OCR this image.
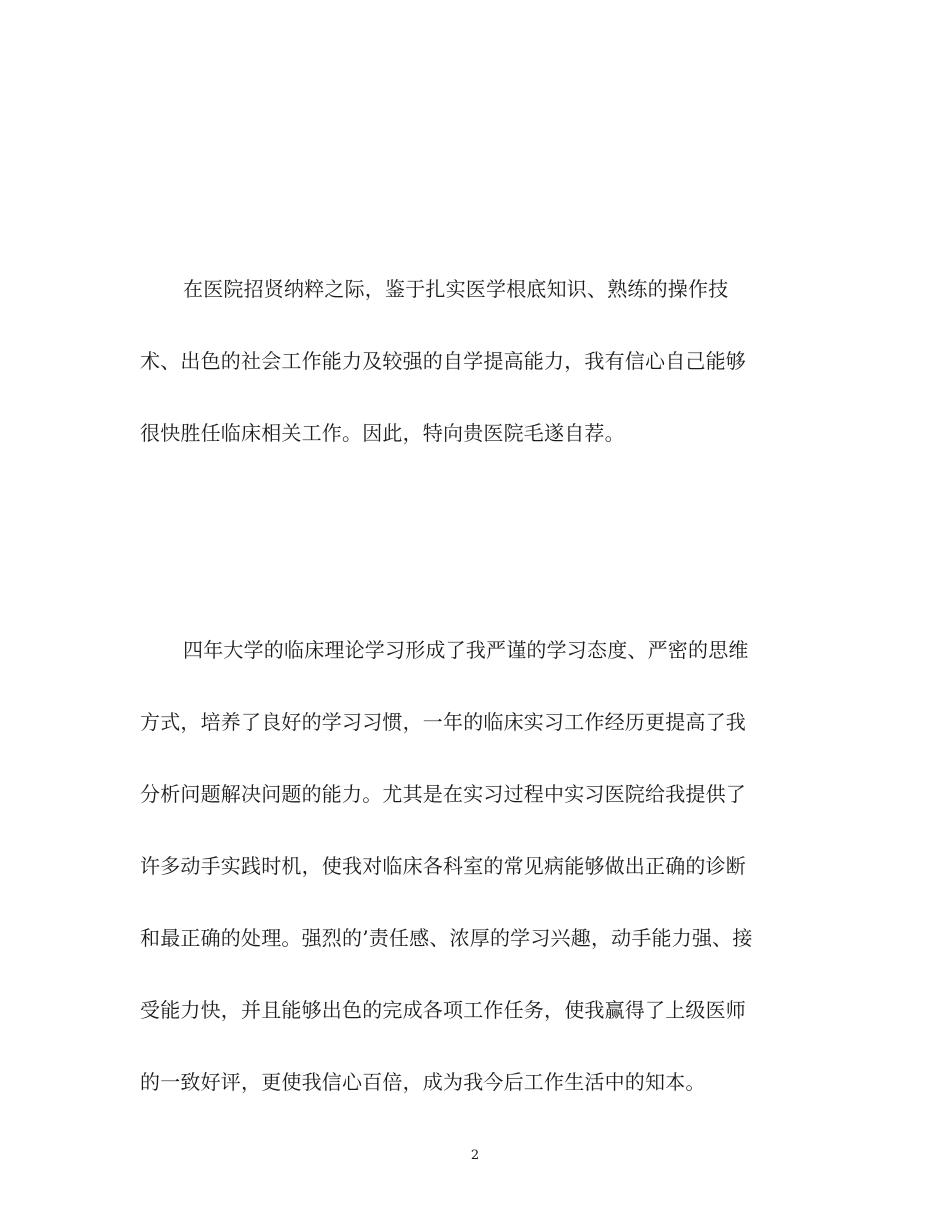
在医院招贤纳粹之际，鉴于扎实医学根底知识、熟练的操作技

术、出色的社会工作能力及较强的自学提高能力，我有信心自己能够

很快胜任临床相关工作。因此，特向贵医院毛遂自荐。

四年大学的临床理论学习形成了我严谨的学习态度、严密的思维

方式，培养了良好的学习习惯，一年的临床实习工作经历更提高了我

分析问题解决问题的能力。尤其是在实习过程中实习医院给我提供了

许多动手实践时机，使我对临床各科室的常见病能够做出正确的诊断

和最正确的处理。强烈的’责任感、浓厚的学习兴趣，动手能力强、接

受能力快，并且能够出色的完成各项工作任务，使我赢得了上级医师

的一致好评，更使我信心百倍，成为我今后工作生活中的知本。

2
